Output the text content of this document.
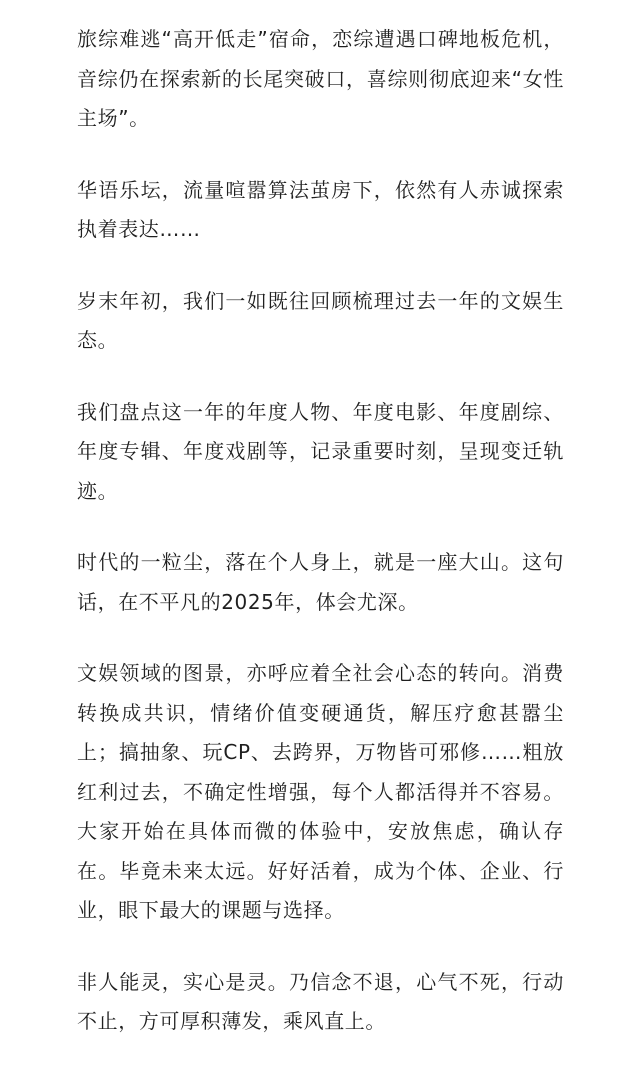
旅综难逃“高开低走”宿命，恋综遭遇口碑地板危机，音综仍在探索新的长尾突破口，喜综则彻底迎来“女性主场”。

华语乐坛，流量喧嚣算法茧房下，依然有人赤诚探索执着表达……

岁末年初，我们一如既往回顾梳理过去一年的文娱生态。

我们盘点这一年的年度人物、年度电影、年度剧综、年度专辑、年度戏剧等，记录重要时刻，呈现变迁轨迹。

时代的一粒尘，落在个人身上，就是一座大山。这句话，在不平凡的2025年，体会尤深。

文娱领域的图景，亦呼应着全社会心态的转向。消费转换成共识，情绪价值变硬通货，解压疗愈甚嚣尘上；搞抽象、玩CP、去跨界，万物皆可邪修……粗放红利过去，不确定性增强，每个人都活得并不容易。大家开始在具体而微的体验中，安放焦虑，确认存在。毕竟未来太远。好好活着，成为个体、企业、行业，眼下最大的课题与选择。

非人能灵，实心是灵。乃信念不退，心气不死，行动不止，方可厚积薄发，乘风直上。
